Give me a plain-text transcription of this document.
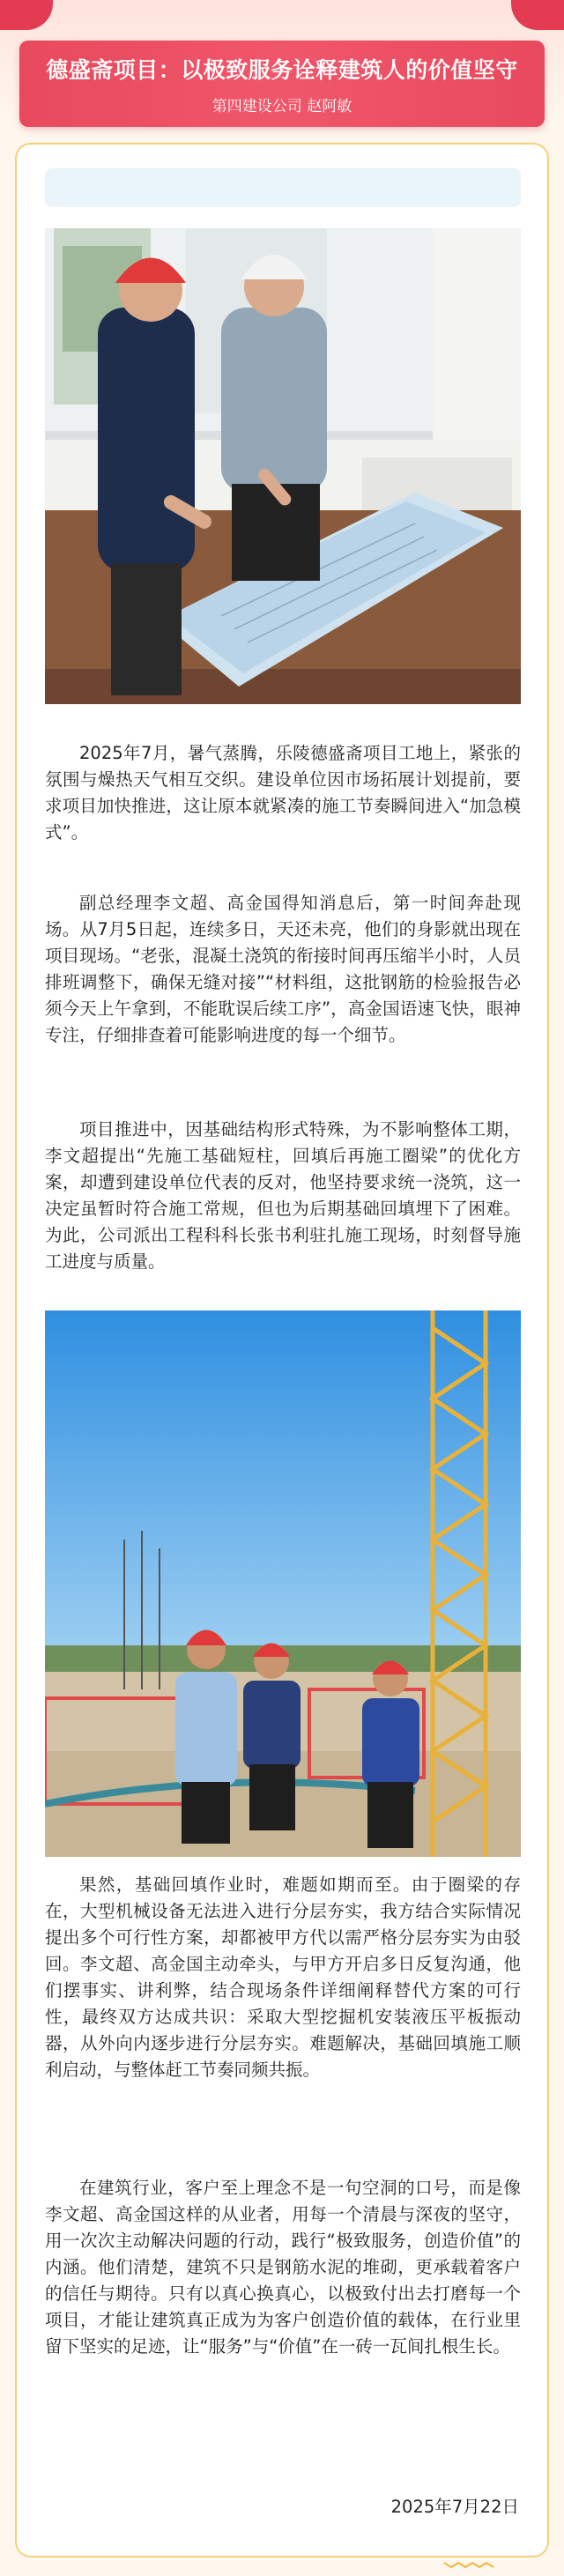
德盛斋项目：以极致服务诠释建筑人的价值坚守
第四建设公司 赵阿敏

2025年7月，暑气蒸腾，乐陵德盛斋项目工地上，紧张的氛围与燥热天气相互交织。建设单位因市场拓展计划提前，要求项目加快推进，这让原本就紧凑的施工节奏瞬间进入“加急模式”。

副总经理李文超、高金国得知消息后，第一时间奔赴现场。从7月5日起，连续多日，天还未亮，他们的身影就出现在项目现场。“老张，混凝土浇筑的衔接时间再压缩半小时，人员排班调整下，确保无缝对接”“材料组，这批钢筋的检验报告必须今天上午拿到，不能耽误后续工序”，高金国语速飞快，眼神专注，仔细排查着可能影响进度的每一个细节。

项目推进中，因基础结构形式特殊，为不影响整体工期，李文超提出“先施工基础短柱，回填后再施工圈梁”的优化方案，却遭到建设单位代表的反对，他坚持要求统一浇筑，这一决定虽暂时符合施工常规，但也为后期基础回填埋下了困难。为此，公司派出工程科科长张书利驻扎施工现场，时刻督导施工进度与质量。

果然，基础回填作业时，难题如期而至。由于圈梁的存在，大型机械设备无法进入进行分层夯实，我方结合实际情况提出多个可行性方案，却都被甲方代以需严格分层夯实为由驳回。李文超、高金国主动牵头，与甲方开启多日反复沟通，他们摆事实、讲利弊，结合现场条件详细阐释替代方案的可行性，最终双方达成共识：采取大型挖掘机安装液压平板振动器，从外向内逐步进行分层夯实。难题解决，基础回填施工顺利启动，与整体赶工节奏同频共振。

在建筑行业，客户至上理念不是一句空洞的口号，而是像李文超、高金国这样的从业者，用每一个清晨与深夜的坚守，用一次次主动解决问题的行动，践行“极致服务，创造价值”的内涵。他们清楚，建筑不只是钢筋水泥的堆砌，更承载着客户的信任与期待。只有以真心换真心，以极致付出去打磨每一个项目，才能让建筑真正成为为客户创造价值的载体，在行业里留下坚实的足迹，让“服务”与“价值”在一砖一瓦间扎根生长。

2025年7月22日
